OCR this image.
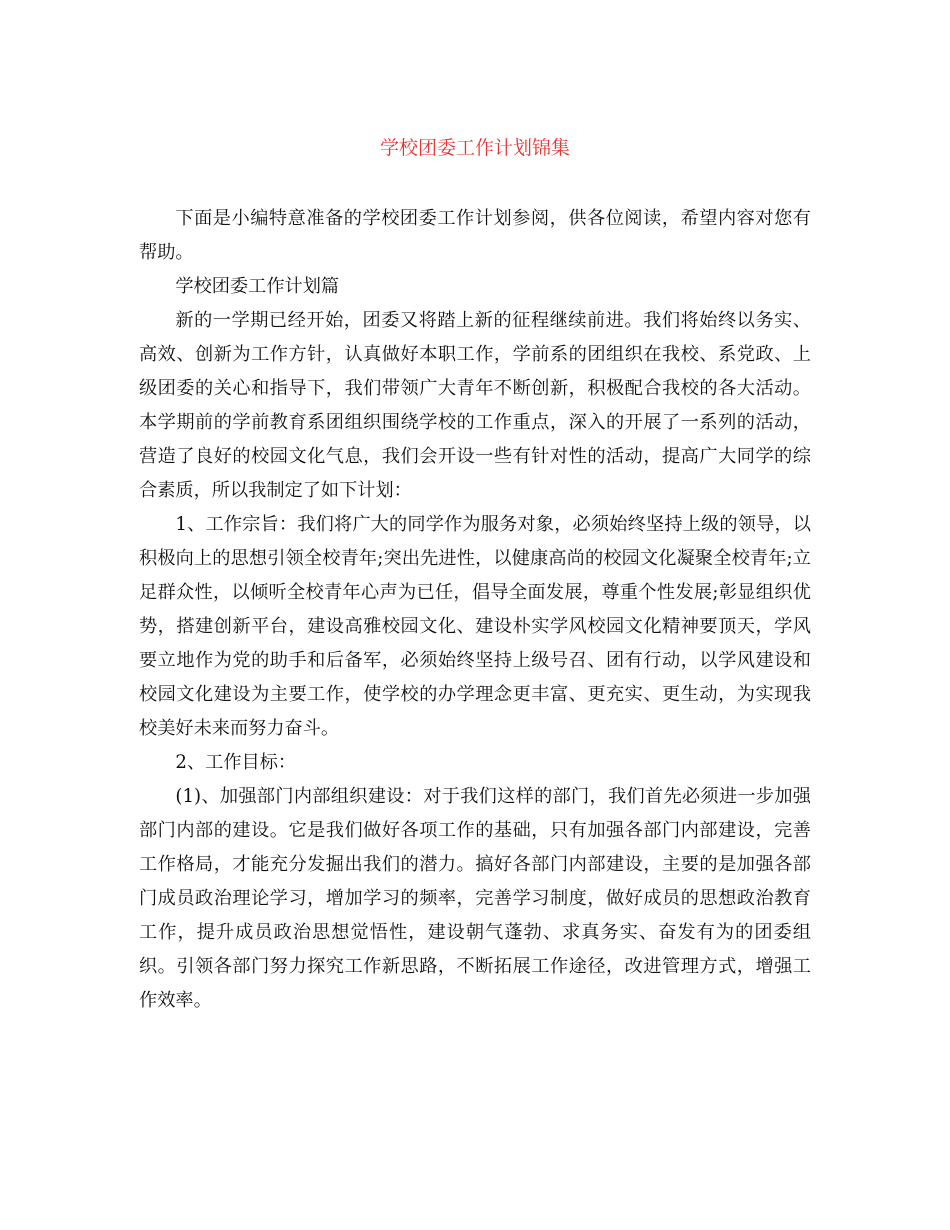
学校团委工作计划锦集

下面是小编特意准备的学校团委工作计划参阅，供各位阅读，希望内容对您有帮助。

学校团委工作计划篇

新的一学期已经开始，团委又将踏上新的征程继续前进。我们将始终以务实、高效、创新为工作方针，认真做好本职工作，学前系的团组织在我校、系党政、上级团委的关心和指导下，我们带领广大青年不断创新，积极配合我校的各大活动。本学期前的学前教育系团组织围绕学校的工作重点，深入的开展了一系列的活动，营造了良好的校园文化气息，我们会开设一些有针对性的活动，提高广大同学的综合素质，所以我制定了如下计划：

1、工作宗旨：我们将广大的同学作为服务对象，必须始终坚持上级的领导，以积极向上的思想引领全校青年;突出先进性，以健康高尚的校园文化凝聚全校青年;立足群众性，以倾听全校青年心声为已任，倡导全面发展，尊重个性发展;彰显组织优势，搭建创新平台，建设高雅校园文化、建设朴实学风校园文化精神要顶天，学风要立地作为党的助手和后备军，必须始终坚持上级号召、团有行动，以学风建设和校园文化建设为主要工作，使学校的办学理念更丰富、更充实、更生动，为实现我校美好未来而努力奋斗。

2、工作目标：

(1)、加强部门内部组织建设：对于我们这样的部门，我们首先必须进一步加强部门内部的建设。它是我们做好各项工作的基础，只有加强各部门内部建设，完善工作格局，才能充分发掘出我们的潜力。搞好各部门内部建设，主要的是加强各部门成员政治理论学习，增加学习的频率，完善学习制度，做好成员的思想政治教育工作，提升成员政治思想觉悟性，建设朝气蓬勃、求真务实、奋发有为的团委组织。引领各部门努力探究工作新思路，不断拓展工作途径，改进管理方式，增强工作效率。
